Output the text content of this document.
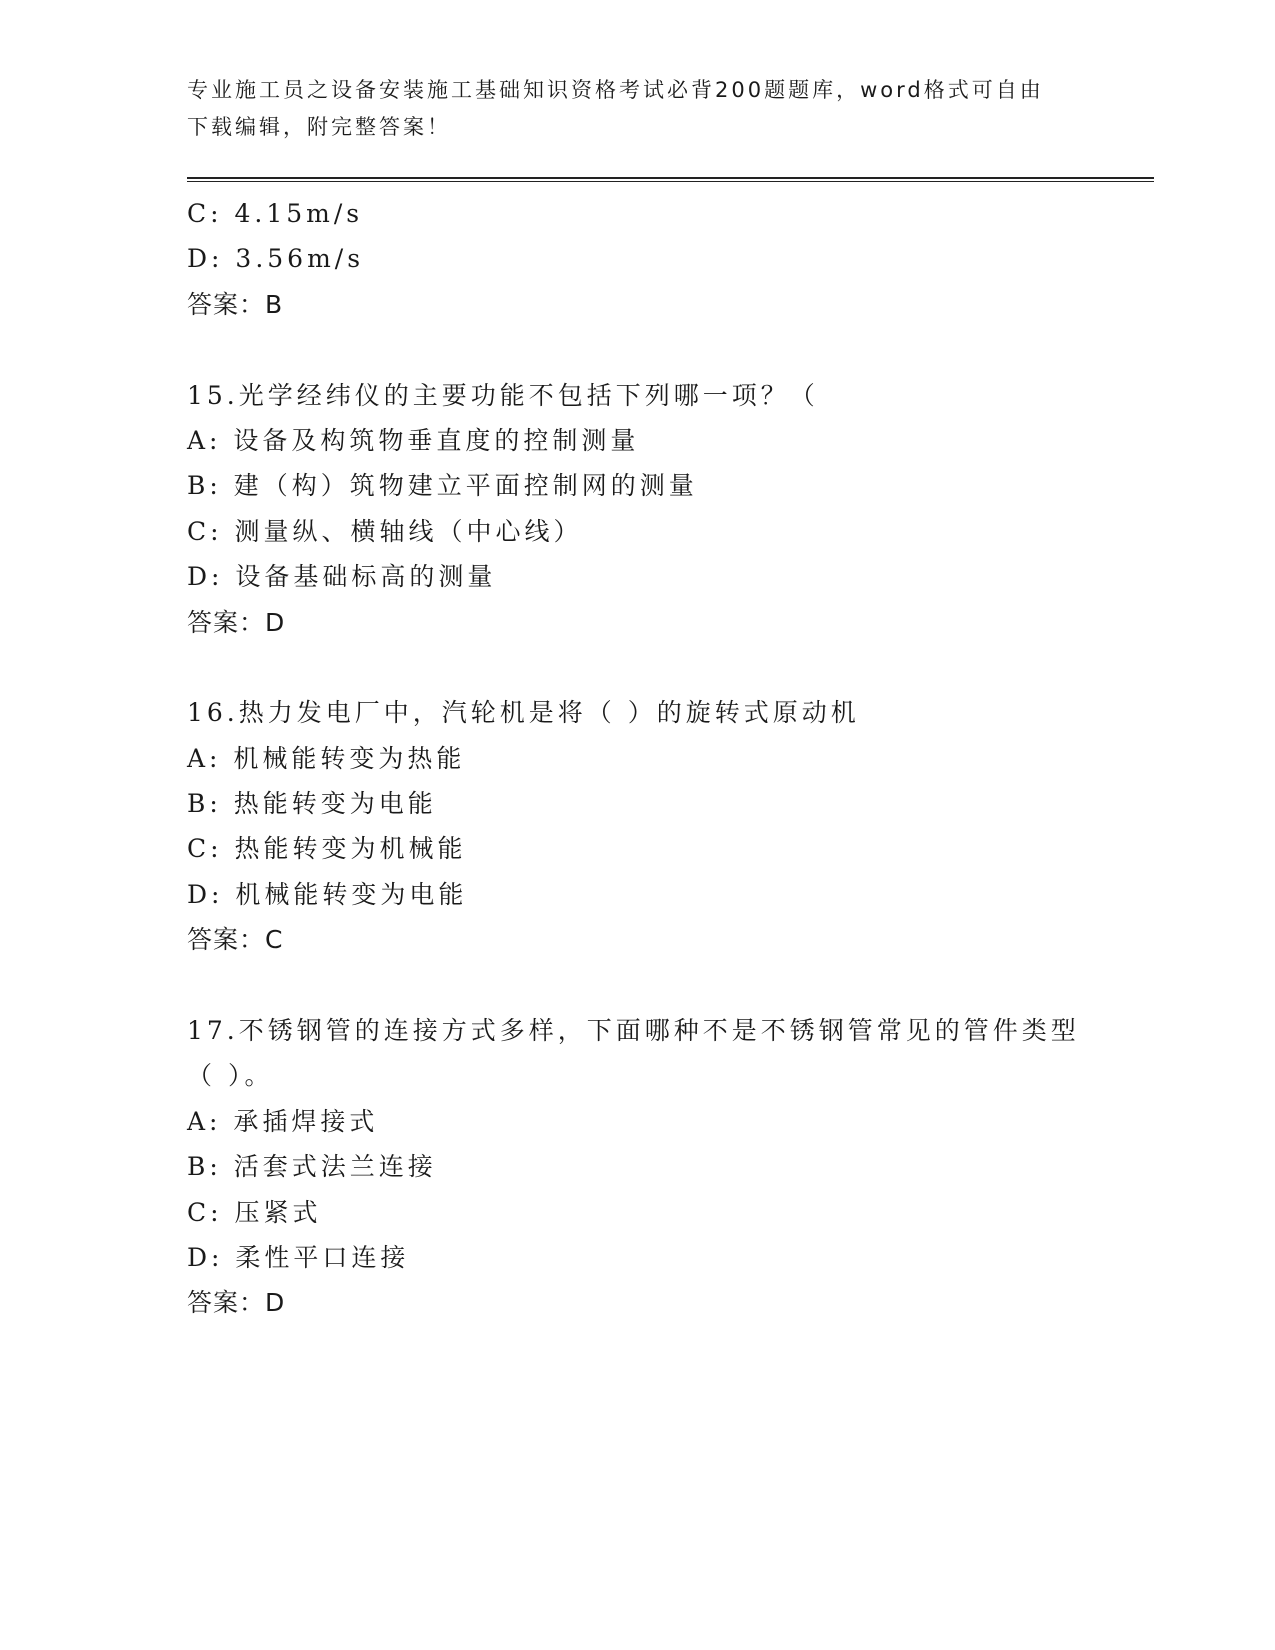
专业施工员之设备安装施工基础知识资格考试必背200题题库，word格式可自由
下载编辑，附完整答案！
C: 4.15m/s
D: 3.56m/s
答案：B
15.光学经纬仪的主要功能不包括下列哪一项？（
A: 设备及构筑物垂直度的控制测量
B: 建（构）筑物建立平面控制网的测量
C: 测量纵、横轴线（中心线）
D: 设备基础标高的测量
答案：D
16.热力发电厂中，汽轮机是将（ ）的旋转式原动机
A: 机械能转变为热能
B: 热能转变为电能
C: 热能转变为机械能
D: 机械能转变为电能
答案：C
17.不锈钢管的连接方式多样，下面哪种不是不锈钢管常见的管件类型（ ）。
A: 承插焊接式
B: 活套式法兰连接
C: 压紧式
D: 柔性平口连接
答案：D
